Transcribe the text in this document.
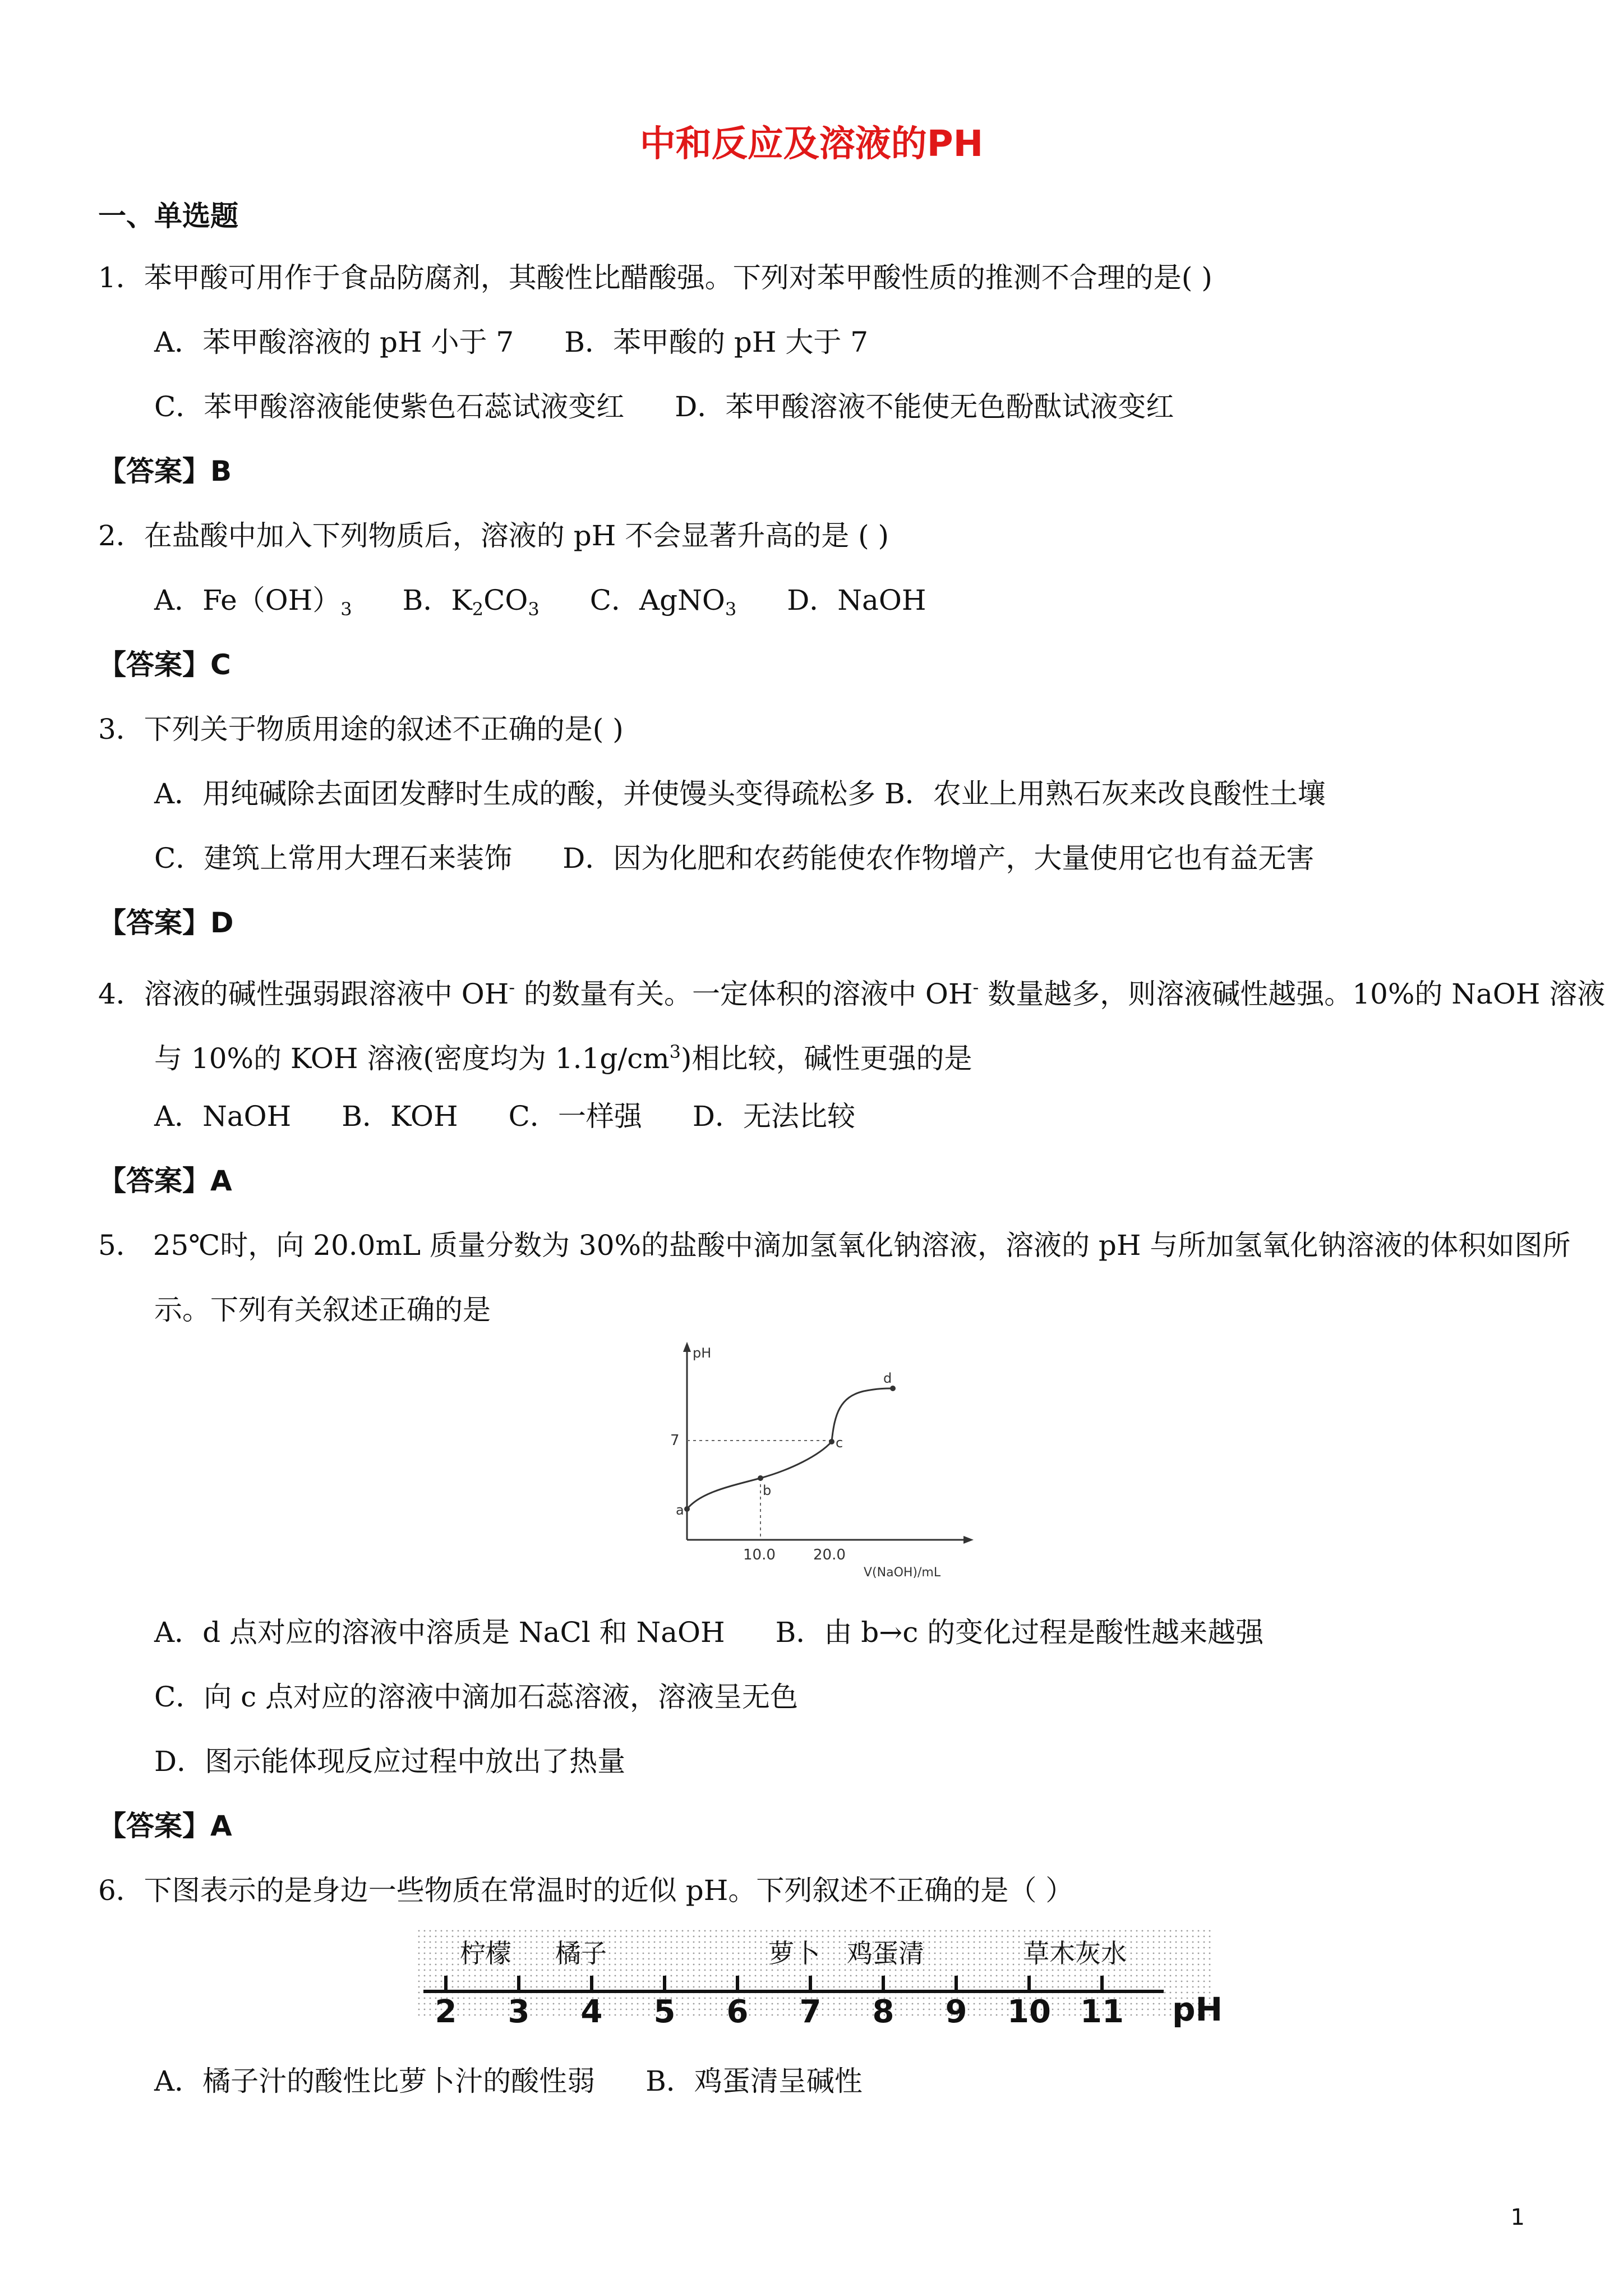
中和反应及溶液的PH
一、单选题
1．苯甲酸可用作于食品防腐剂，其酸性比醋酸强。下列对苯甲酸性质的推测不合理的是( )
A．苯甲酸溶液的 pH 小于 7 B．苯甲酸的 pH 大于 7
C．苯甲酸溶液能使紫色石蕊试液变红 D．苯甲酸溶液不能使无色酚酞试液变红
【答案】B
2．在盐酸中加入下列物质后，溶液的 pH 不会显著升高的是 ( )
A．$Fe(OH)_3$ B．$K_2CO_3$ C．AgNO$_3$ D．NaOH
【答案】C
3．下列关于物质用途的叙述不正确的是( )
A．用纯碱除去面团发酵时生成的酸，并使馒头变得疏松多 B．农业上用熟石灰来改良酸性土壤
C．建筑上常用大理石来装饰 D．因为化肥和农药能使农作物增产，大量使用它也有益无害
【答案】D
4．溶液的碱性强弱跟溶液中 OH- 的数量有关。一定体积的溶液中 OH- 数量越多，则溶液碱性越强。10%的 NaOH 溶液
与 10%的 KOH 溶液(密度均为 $1.1g/cm^3$)相比较，碱性更强的是
A．NaOH B．KOH C．一样强 D．无法比较
【答案】A
5． 25℃时，向 20.0mL 质量分数为 30%的盐酸中滴加氢氧化钠溶液，溶液的 pH 与所加氢氧化钠溶液的体积如图所
示。下列有关叙述正确的是
pH
7
a
b
c
d
10.0	20.0
V(NaOH)/mL
A．d 点对应的溶液中溶质是 NaCl 和 NaOH B．由 b→c 的变化过程是酸性越来越强
C．向 c 点对应的溶液中滴加石蕊溶液，溶液呈无色
D．图示能体现反应过程中放出了热量
【答案】A
6．下图表示的是身边一些物质在常温时的近似 pH。下列叙述不正确的是（ ）
2 3 4 5 6 7 8 9 10 11
柠檬 橘子	萝卜 鸡蛋清	草木灰水
pH
A．橘子汁的酸性比萝卜汁的酸性弱 B．鸡蛋清呈碱性
1
